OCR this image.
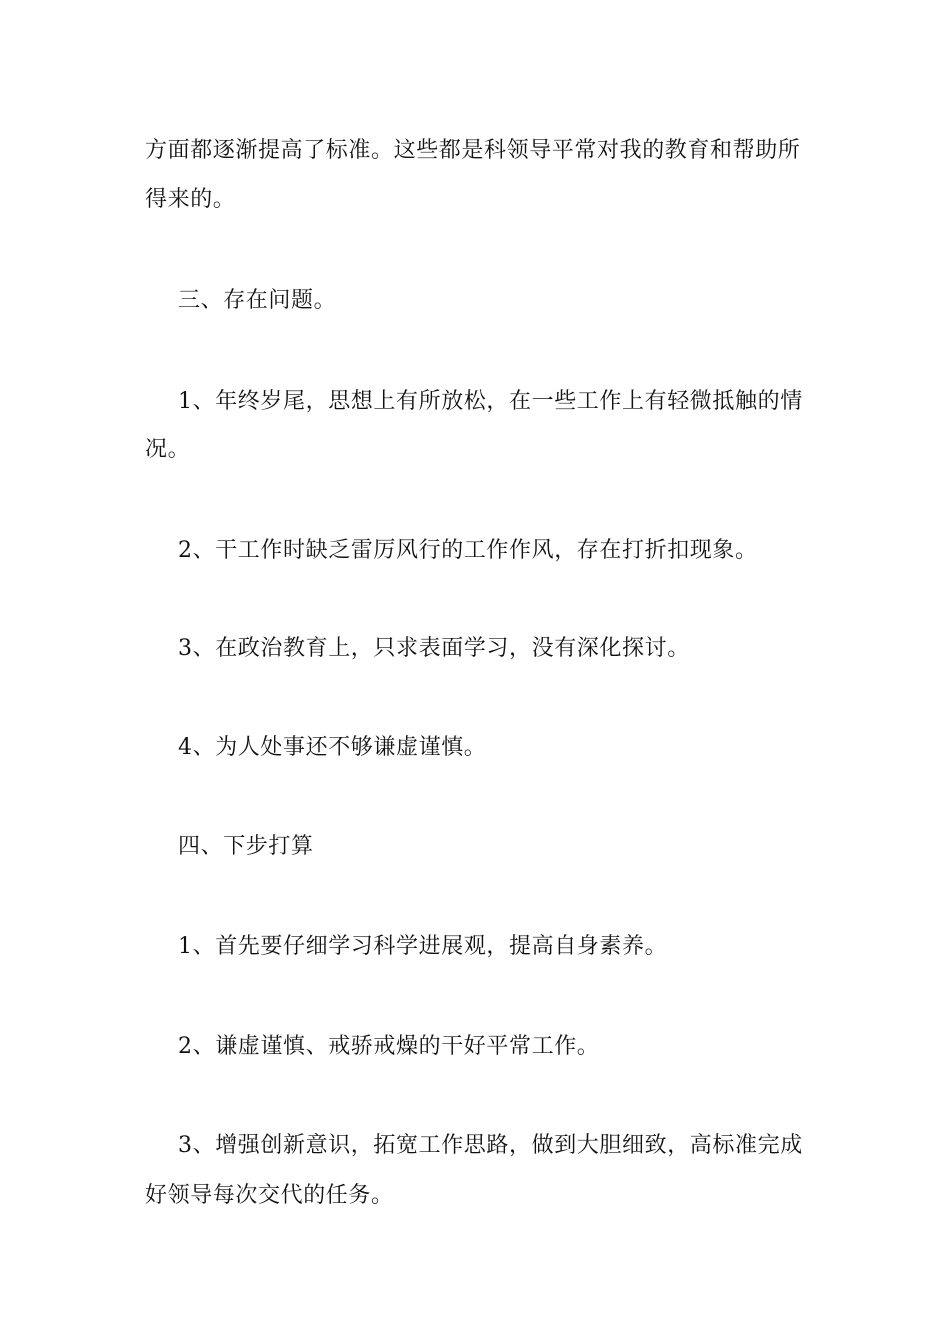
方面都逐渐提高了标准。这些都是科领导平常对我的教育和帮助所
得来的。
三、存在问题。
1、年终岁尾，思想上有所放松，在一些工作上有轻微抵触的情
况。
2、干工作时缺乏雷厉风行的工作作风，存在打折扣现象。
3、在政治教育上，只求表面学习，没有深化探讨。
4、为人处事还不够谦虚谨慎。
四、下步打算
1、首先要仔细学习科学进展观，提高自身素养。
2、谦虚谨慎、戒骄戒燥的干好平常工作。
3、增强创新意识，拓宽工作思路，做到大胆细致，高标准完成
好领导每次交代的任务。
